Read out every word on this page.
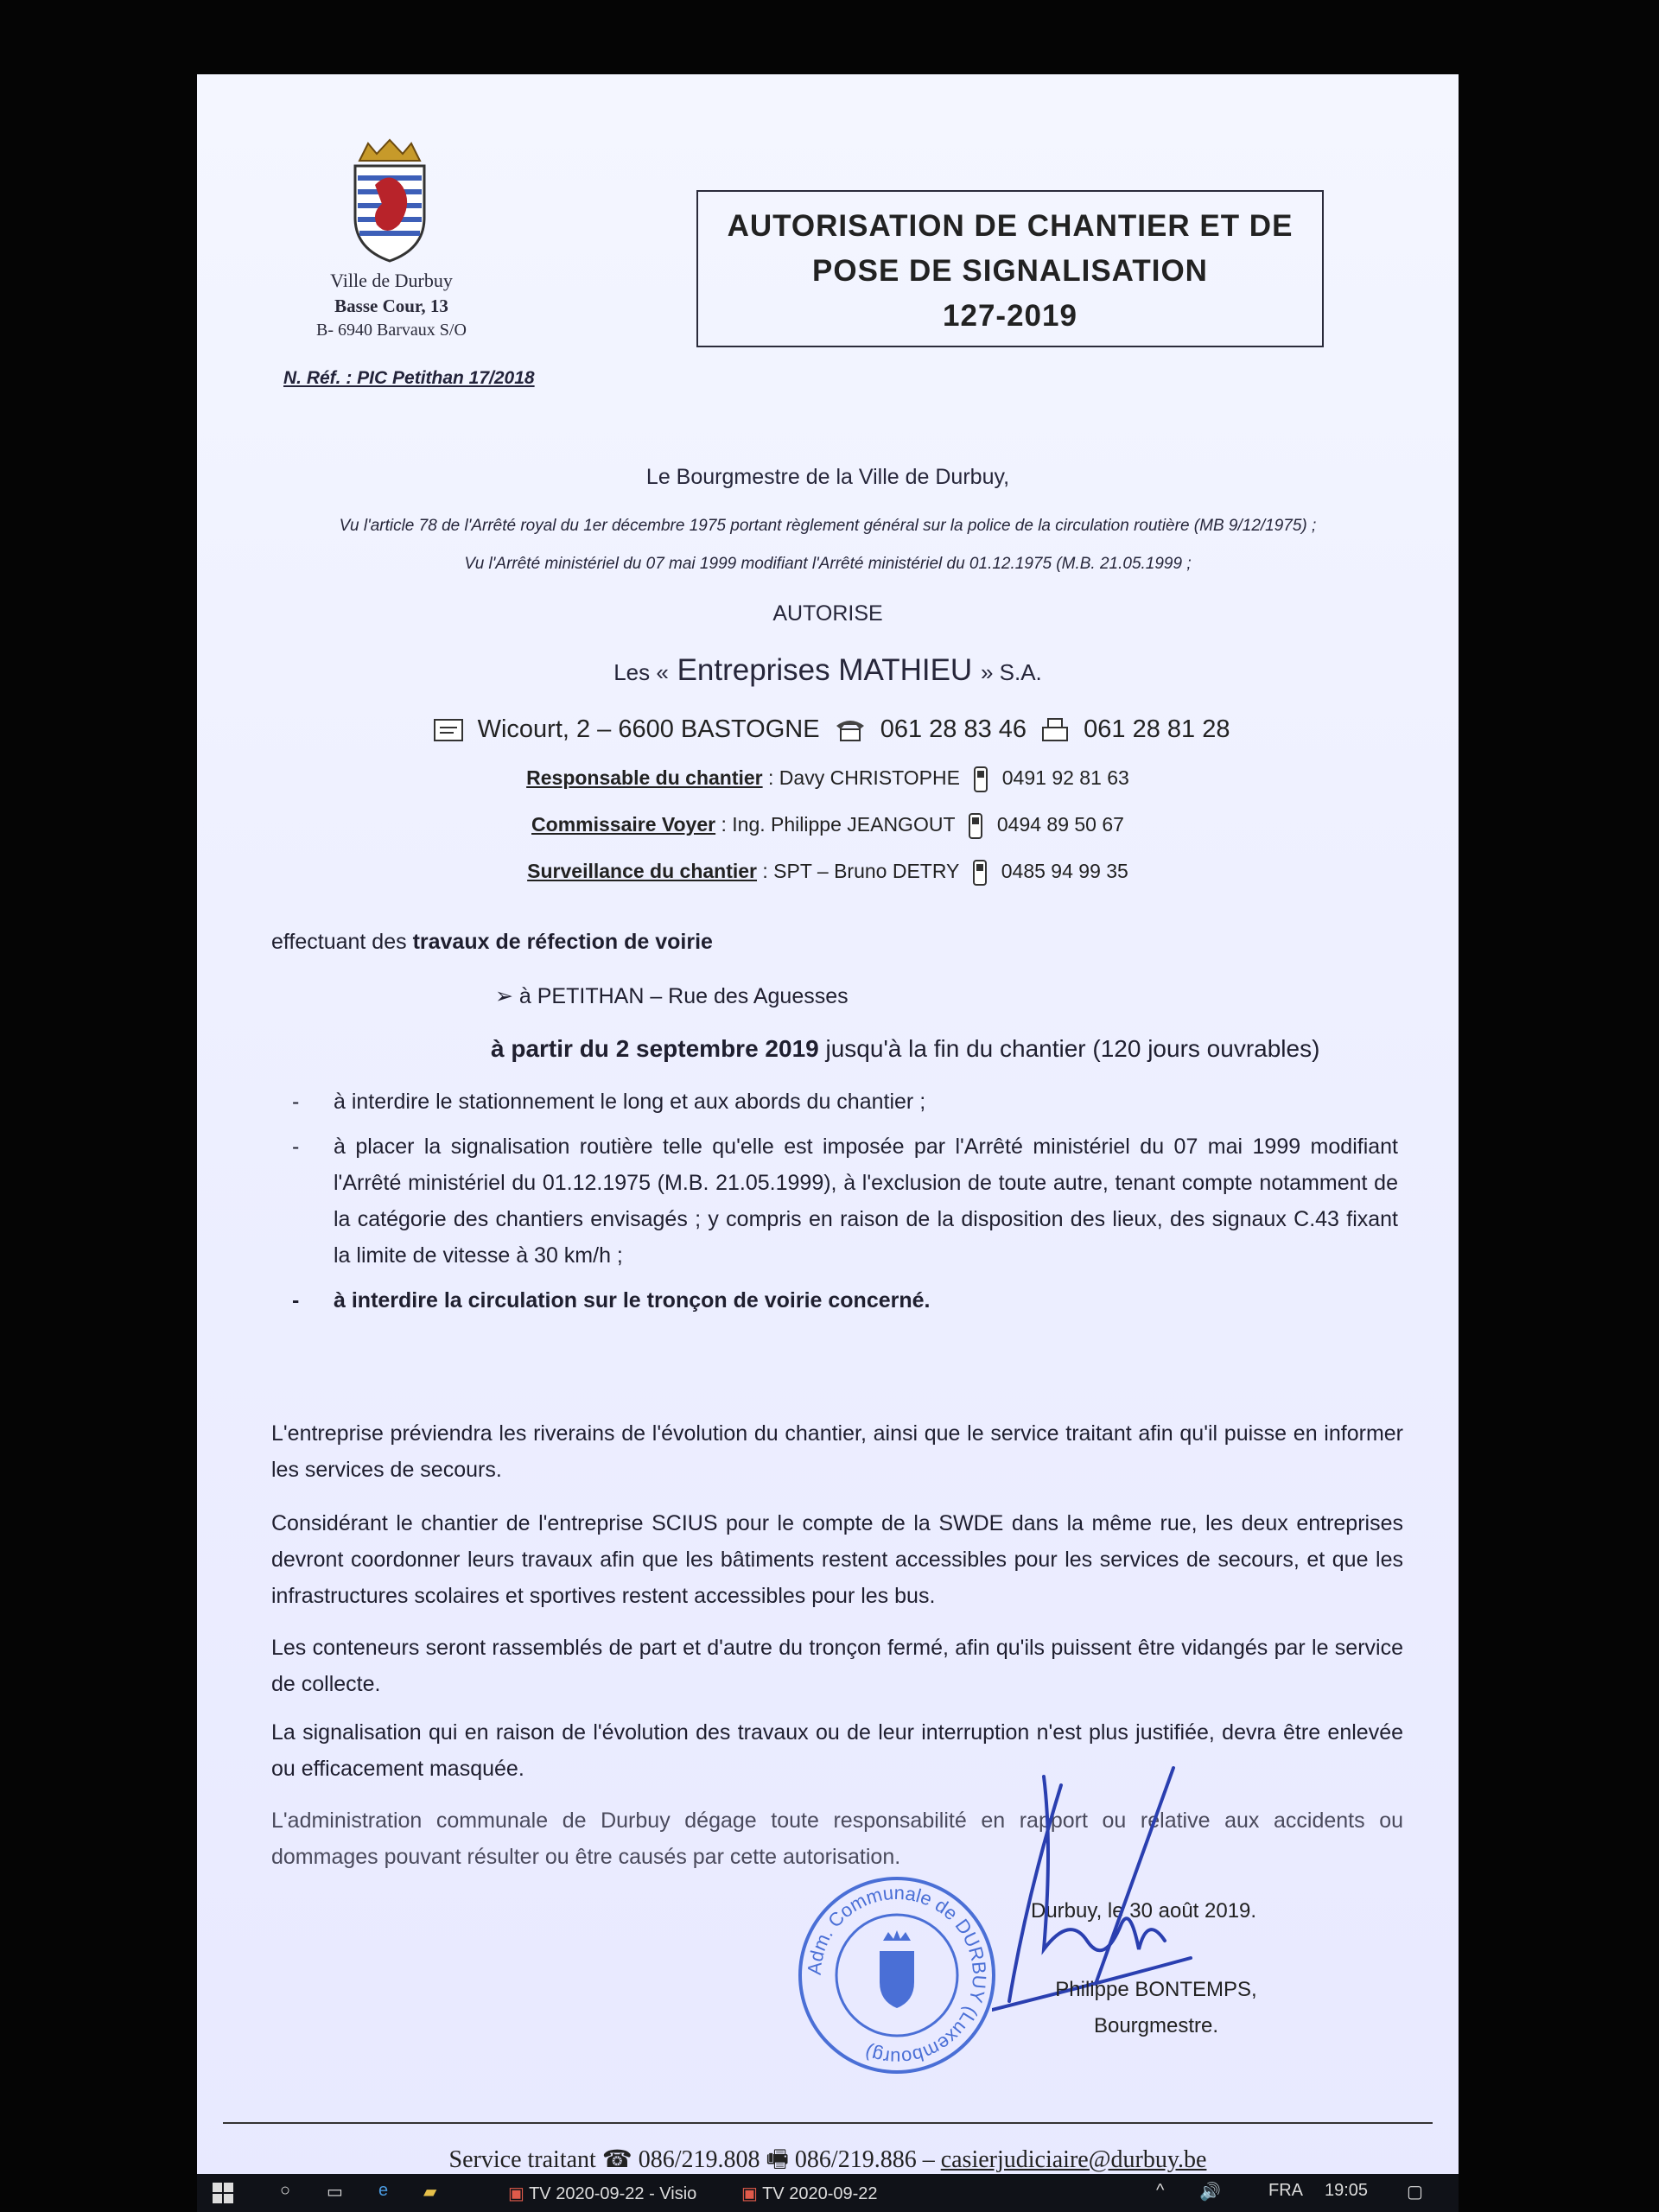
Ville de Durbuy
Basse Cour, 13
B- 6940 Barvaux S/O
N. Réf. : PIC Petithan 17/2018
AUTORISATION DE CHANTIER ET DE
POSE DE SIGNALISATION
127-2019
Le Bourgmestre de la Ville de Durbuy,
Vu l'article 78 de l'Arrêté royal du 1er décembre 1975 portant règlement général sur la police de la circulation routière (MB 9/12/1975) ;
Vu l'Arrêté ministériel du 07 mai 1999 modifiant l'Arrêté ministériel du 01.12.1975 (M.B. 21.05.1999 ;
AUTORISE
Les « Entreprises MATHIEU » S.A.
Wicourt, 2 – 6600 BASTOGNE 061 28 83 46 061 28 81 28
Responsable du chantier : Davy CHRISTOPHE 0491 92 81 63
Commissaire Voyer : Ing. Philippe JEANGOUT 0494 89 50 67
Surveillance du chantier : SPT – Bruno DETRY 0485 94 99 35
effectuant des travaux de réfection de voirie
➢ à PETITHAN – Rue des Aguesses
à partir du 2 septembre 2019 jusqu'à la fin du chantier (120 jours ouvrables)
- à interdire le stationnement le long et aux abords du chantier ;
- à placer la signalisation routière telle qu'elle est imposée par l'Arrêté ministériel du 07 mai 1999 modifiant l'Arrêté ministériel du 01.12.1975 (M.B. 21.05.1999), à l'exclusion de toute autre, tenant compte notamment de la catégorie des chantiers envisagés ; y compris en raison de la disposition des lieux, des signaux C.43 fixant la limite de vitesse à 30 km/h ;
- à interdire la circulation sur le tronçon de voirie concerné.
L'entreprise préviendra les riverains de l'évolution du chantier, ainsi que le service traitant afin qu'il puisse en informer les services de secours.
Considérant le chantier de l'entreprise SCIUS pour le compte de la SWDE dans la même rue, les deux entreprises devront coordonner leurs travaux afin que les bâtiments restent accessibles pour les services de secours, et que les infrastructures scolaires et sportives restent accessibles pour les bus.
Les conteneurs seront rassemblés de part et d'autre du tronçon fermé, afin qu'ils puissent être vidangés par le service de collecte.
La signalisation qui en raison de l'évolution des travaux ou de leur interruption n'est plus justifiée, devra être enlevée ou efficacement masquée.
L'administration communale de Durbuy dégage toute responsabilité en rapport ou relative aux accidents ou dommages pouvant résulter ou être causés par cette autorisation.
Adm. Communale de DURBUY (Luxembourg)
Durbuy, le 30 août 2019.
Philippe BONTEMPS,
Bourgmestre.
Service traitant ☎ 086/219.808 🖷 086/219.886 – casierjudiciaire@durbuy.be
○ ▭ e ▰	▣ TV 2020-09-22 - Visio	▣ TV 2020-09-22	^ 🔊	FRA 19:05 ▢
